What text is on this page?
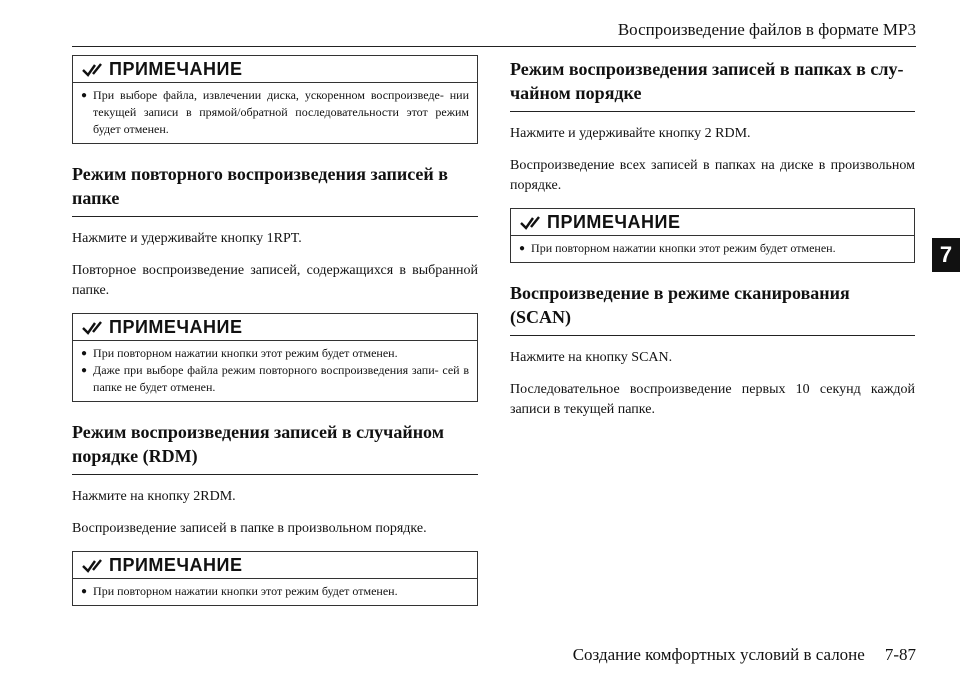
Воспроизведение файлов в формате MP3
7
ПРИМЕЧАНИЕ
● При выборе файла, извлечении диска, ускоренном воспроизведе- нии текущей записи в прямой/обратной последовательности этот режим будет отменен.
Режим повторного воспроизведения записей в папке

Нажмите и удерживайте кнопку 1RPT.

Повторное воспроизведение записей, содержащихся в выбранной папке.

ПРИМЕЧАНИЕ
● При повторном нажатии кнопки этот режим будет отменен.
● Даже при выборе файла режим повторного воспроизведения запи- сей в папке не будет отменен.
Режим воспроизведения записей в случайном порядке (RDM)

Нажмите на кнопку 2RDM.

Воспроизведение записей в папке в произвольном порядке.

ПРИМЕЧАНИЕ
● При повторном нажатии кнопки этот режим будет отменен.
Режим воспроизведения записей в папках в слу- чайном порядке

Нажмите и удерживайте кнопку 2 RDM.

Воспроизведение всех записей в папках на диске в произвольном порядке.

ПРИМЕЧАНИЕ
● При повторном нажатии кнопки этот режим будет отменен.
Воспроизведение в режиме сканирования (SCAN)

Нажмите на кнопку SCAN.

Последовательное воспроизведение первых 10 секунд каждой записи в текущей папке.

Создание комфортных условий в салоне 7-87
